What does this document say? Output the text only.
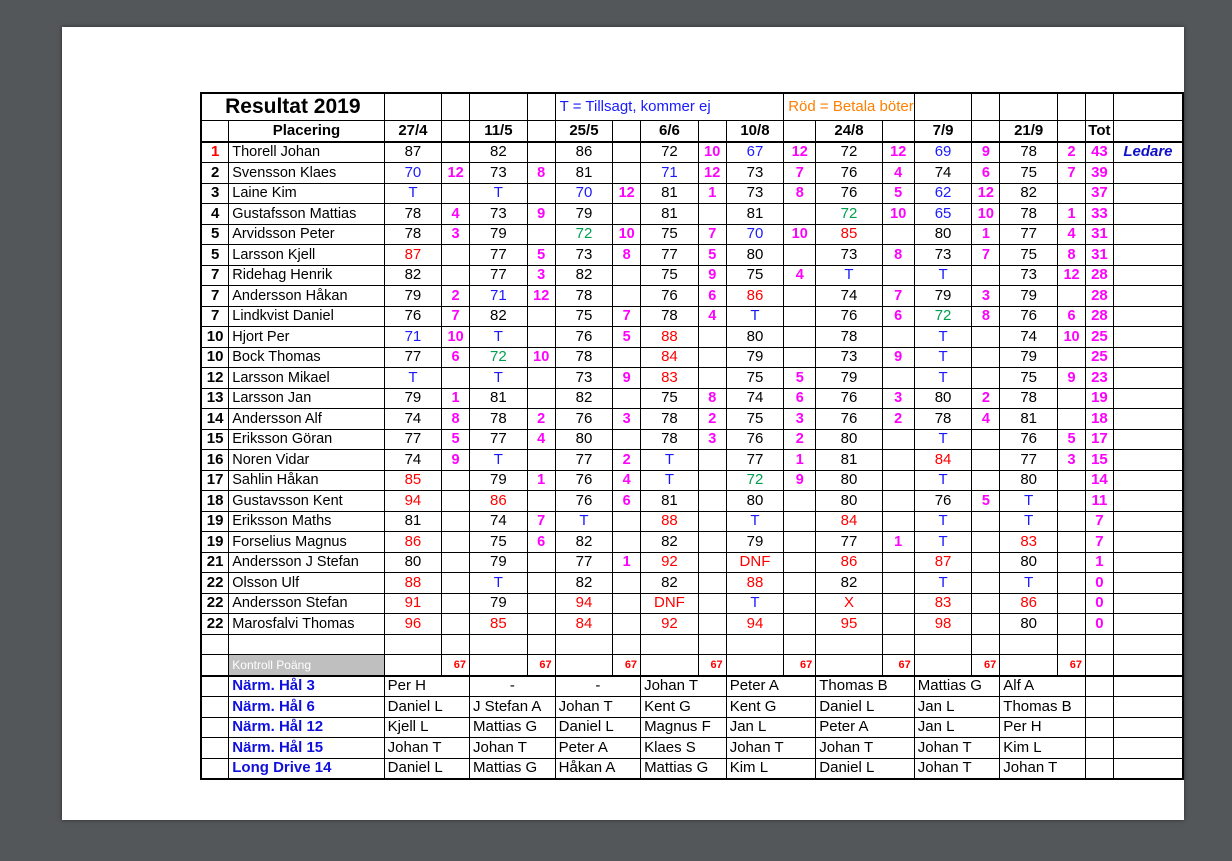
Resultat 2019						T = Tillsagt, kommer ej					Röd = Betala böter								
	Placering	27/4		11/5		25/5		6/6		10/8		24/8		7/9		21/9		Tot	
1	Thorell Johan	87		82		86		72	10	67	12	72	12	69	9	78	2	43	Ledare
2	Svensson Klaes	70	12	73	8	81		71	12	73	7	76	4	74	6	75	7	39	
3	Laine Kim	T		T		70	12	81	1	73	8	76	5	62	12	82		37	
4	Gustafsson Mattias	78	4	73	9	79		81		81		72	10	65	10	78	1	33	
5	Arvidsson Peter	78	3	79		72	10	75	7	70	10	85		80	1	77	4	31	
5	Larsson Kjell	87		77	5	73	8	77	5	80		73	8	73	7	75	8	31	
7	Ridehag Henrik	82		77	3	82		75	9	75	4	T		T		73	12	28	
7	Andersson Håkan	79	2	71	12	78		76	6	86		74	7	79	3	79		28	
7	Lindkvist Daniel	76	7	82		75	7	78	4	T		76	6	72	8	76	6	28	
10	Hjort Per	71	10	T		76	5	88		80		78		T		74	10	25	
10	Bock Thomas	77	6	72	10	78		84		79		73	9	T		79		25	
12	Larsson Mikael	T		T		73	9	83		75	5	79		T		75	9	23	
13	Larsson Jan	79	1	81		82		75	8	74	6	76	3	80	2	78		19	
14	Andersson Alf	74	8	78	2	76	3	78	2	75	3	76	2	78	4	81		18	
15	Eriksson Göran	77	5	77	4	80		78	3	76	2	80		T		76	5	17	
16	Noren Vidar	74	9	T		77	2	T		77	1	81		84		77	3	15	
17	Sahlin Håkan	85		79	1	76	4	T		72	9	80		T		80		14	
18	Gustavsson Kent	94		86		76	6	81		80		80		76	5	T		11	
19	Eriksson Maths	81		74	7	T		88		T		84		T		T		7	
19	Forselius Magnus	86		75	6	82		82		79		77	1	T		83		7	
21	Andersson J Stefan	80		79		77	1	92		DNF		86		87		80		1	
22	Olsson Ulf	88		T		82		82		88		82		T		T		0	
22	Andersson Stefan	91		79		94		DNF		T		X		83		86		0	
22	Marosfalvi Thomas	96		85		84		92		94		95		98		80		0	

	Kontroll Poäng		67		67		67		67		67		67		67		67		
	Närm. Hål 3	Per H		-		-		Johan T		Peter A		Thomas B		Mattias G		Alf A			
	Närm. Hål 6	Daniel L		J Stefan A		Johan T		Kent G		Kent G		Daniel L		Jan L		Thomas B			
	Närm. Hål 12	Kjell L		Mattias G		Daniel L		Magnus F		Jan L		Peter A		Jan L		Per H			
	Närm. Hål 15	Johan T		Johan T		Peter A		Klaes S		Johan T		Johan T		Johan T		Kim L			
	Long Drive 14	Daniel L		Mattias G		Håkan A		Mattias G		Kim L		Daniel L		Johan T		Johan T			
